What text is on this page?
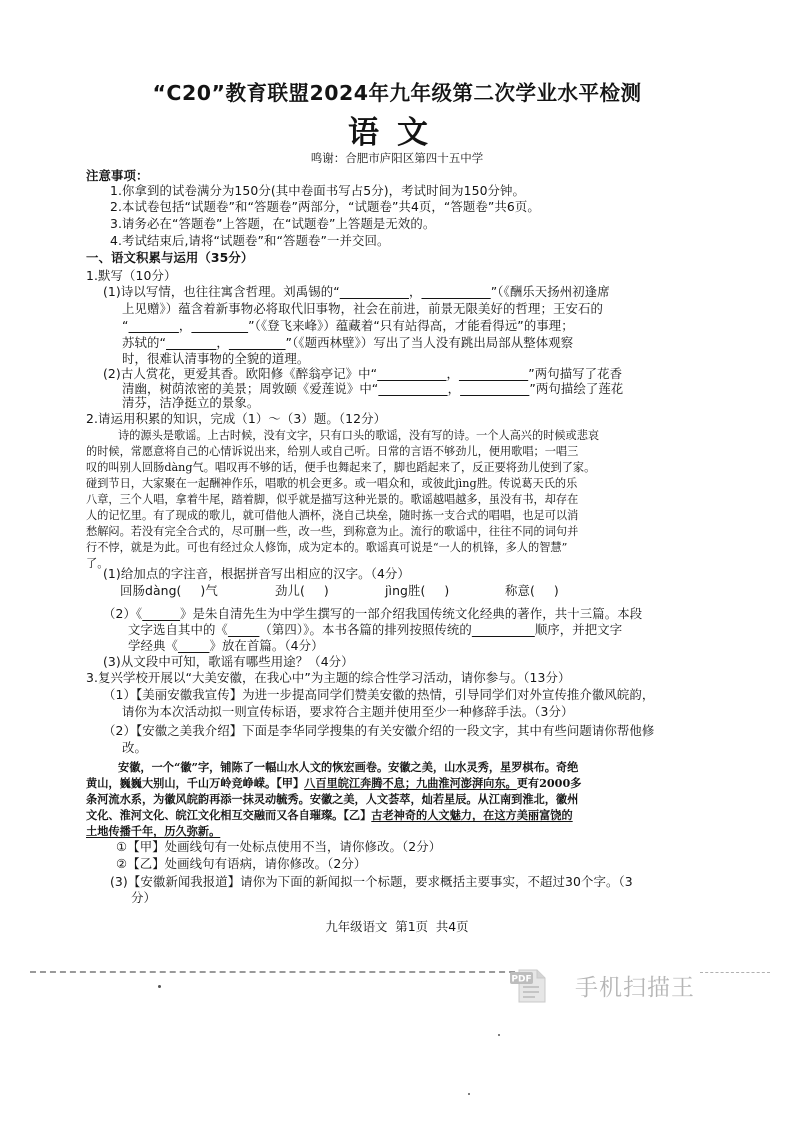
“C20”教育联盟2024年九年级第二次学业水平检测
语文
鸣谢：合肥市庐阳区第四十五中学
注意事项：
1.你拿到的试卷满分为150分(其中卷面书写占5分)，考试时间为150分钟。
2.本试卷包括“试题卷”和“答题卷”两部分，“试题卷”共4页，“答题卷”共6页。
3.请务必在“答题卷”上答题，在“试题卷”上答题是无效的。
4.考试结束后,请将“试题卷”和“答题卷”一并交回。
一、语文积累与运用（35分）
1.默写（10分）
(1)诗以写情，也往往寓含哲理。刘禹锡的“           	，           	”（《酬乐天扬州初逢席
上见赠》）蕴含着新事物必将取代旧事物，社会在前进，前景无限美好的哲理；王安石的
“        	，         	”（《登飞来峰》）蕴藏着“只有站得高，才能看得远”的事理；
苏轼的“        	，         	”（《题西林壁》）写出了当人没有跳出局部从整体观察
时，很难认清事物的全貌的道理。
(2)古人赏花，更爱其香。欧阳修《醉翁亭记》中“           	，           	”两句描写了花香
清幽，树荫浓密的美景；周敦颐《爱莲说》中“           	，           	”两句描绘了莲花
清芬，洁净挺立的景象。
2.请运用积累的知识，完成（1）～（3）题。（12分）
诗的源头是歌谣。上古时候，没有文字，只有口头的歌谣，没有写的诗。一个人高兴的时候或悲哀
的时候，常愿意将自己的心情诉说出来，给别人或自己听。日常的言语不够劲儿，便用歌唱；一唱三
叹的叫别人回肠dàng气。唱叹再不够的话，便手也舞起来了，脚也蹈起来了，反正要将劲儿使到了家。
碰到节日，大家聚在一起酬神作乐，唱歌的机会更多。或一唱众和，或彼此jìng胜。传说葛天氏的乐
八章，三个人唱，拿着牛尾，踏着脚，似乎就是描写这种光景的。歌谣越唱越多，虽没有书，却存在
人的记忆里。有了现成的歌儿，就可借他人酒杯，浇自己块垒，随时拣一支合式的唱唱，也足可以消
愁解闷。若没有完全合式的，尽可删一些，改一些，到称意为止。流行的歌谣中，往往不同的词句并
行不悖，就是为此。可也有经过众人修饰，成为定本的。歌谣真可说是“一人的机锋，多人的智慧”
了。
(1)给加点的字注音，根据拼音写出相应的汉字。（4分）
回肠dàng(    )气	劲儿(    )	jìng胜(    )	称意(    )
（2）《      	》是朱自清先生为中学生撰写的一部介绍我国传统文化经典的著作，共十三篇。本段
文字选自其中的《     	（第四）》。本书各篇的排列按照传统的          	顺序，并把文字
学经典《     	》放在首篇。（4分）
(3)从文段中可知，歌谣有哪些用途？（4分）
3.复兴学校开展以“大美安徽，在我心中”为主题的综合性学习活动，请你参与。（13分）
（1）【美丽安徽我宣传】为进一步提高同学们赞美安徽的热情，引导同学们对外宣传推介徽风皖韵，
请你为本次活动拟一则宣传标语，要求符合主题并使用至少一种修辞手法。（3分）
（2）【安徽之美我介绍】下面是李华同学搜集的有关安徽介绍的一段文字，其中有些问题请你帮他修
改。
安徽，一个“徽”字，铺陈了一幅山水人文的恢宏画卷。安徽之美，山水灵秀，星罗棋布。奇绝
黄山，巍巍大别山，千山万岭竞峥嵘。【甲】八百里皖江奔腾不息；九曲淮河澎湃向东。更有2000多
条河流水系，为徽风皖韵再添一抹灵动毓秀。安徽之美，人文荟萃，灿若星辰。从江南到淮北，徽州
文化、淮河文化、皖江文化相互交融而又各自璀璨。【乙】古老神奇的人文魅力，在这方美丽富饶的
土地传播千年，历久弥新。
①【甲】处画线句有一处标点使用不当，请你修改。（2分）
②【乙】处画线句有语病，请你修改。（2分）
(3)【安徽新闻我报道】请你为下面的新闻拟一个标题，要求概括主要事实，不超过30个字。（3
分）
九年级语文 第1页 共4页
PDF 手机扫描王
